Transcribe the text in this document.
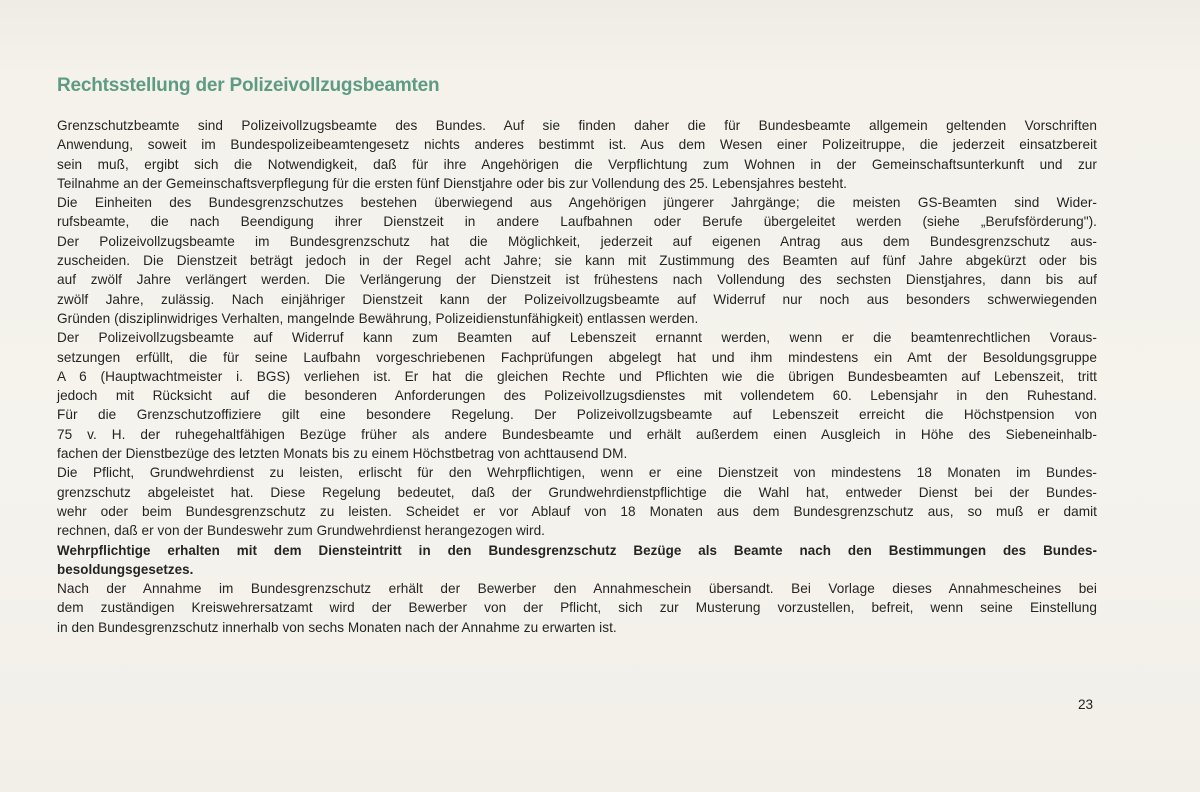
Rechtsstellung der Polizeivollzugsbeamten
Grenzschutzbeamte sind Polizeivollzugsbeamte des Bundes. Auf sie finden daher die für Bundesbeamte allgemein geltenden Vorschriften
Anwendung, soweit im Bundespolizeibeamtengesetz nichts anderes bestimmt ist. Aus dem Wesen einer Polizeitruppe, die jederzeit einsatzbereit
sein muß, ergibt sich die Notwendigkeit, daß für ihre Angehörigen die Verpflichtung zum Wohnen in der Gemeinschaftsunterkunft und zur
Teilnahme an der Gemeinschaftsverpflegung für die ersten fünf Dienstjahre oder bis zur Vollendung des 25. Lebensjahres besteht.
Die Einheiten des Bundesgrenzschutzes bestehen überwiegend aus Angehörigen jüngerer Jahrgänge; die meisten GS-Beamten sind Wider-
rufsbeamte, die nach Beendigung ihrer Dienstzeit in andere Laufbahnen oder Berufe übergeleitet werden (siehe „Berufsförderung").
Der Polizeivollzugsbeamte im Bundesgrenzschutz hat die Möglichkeit, jederzeit auf eigenen Antrag aus dem Bundesgrenzschutz aus-
zuscheiden. Die Dienstzeit beträgt jedoch in der Regel acht Jahre; sie kann mit Zustimmung des Beamten auf fünf Jahre abgekürzt oder bis
auf zwölf Jahre verlängert werden. Die Verlängerung der Dienstzeit ist frühestens nach Vollendung des sechsten Dienstjahres, dann bis auf
zwölf Jahre, zulässig. Nach einjähriger Dienstzeit kann der Polizeivollzugsbeamte auf Widerruf nur noch aus besonders schwerwiegenden
Gründen (disziplinwidriges Verhalten, mangelnde Bewährung, Polizeidienstunfähigkeit) entlassen werden.
Der Polizeivollzugsbeamte auf Widerruf kann zum Beamten auf Lebenszeit ernannt werden, wenn er die beamtenrechtlichen Voraus-
setzungen erfüllt, die für seine Laufbahn vorgeschriebenen Fachprüfungen abgelegt hat und ihm mindestens ein Amt der Besoldungsgruppe
A 6 (Hauptwachtmeister i. BGS) verliehen ist. Er hat die gleichen Rechte und Pflichten wie die übrigen Bundesbeamten auf Lebenszeit, tritt
jedoch mit Rücksicht auf die besonderen Anforderungen des Polizeivollzugsdienstes mit vollendetem 60. Lebensjahr in den Ruhestand.
Für die Grenzschutzoffiziere gilt eine besondere Regelung. Der Polizeivollzugsbeamte auf Lebenszeit erreicht die Höchstpension von
75 v. H. der ruhegehaltfähigen Bezüge früher als andere Bundesbeamte und erhält außerdem einen Ausgleich in Höhe des Siebeneinhalb-
fachen der Dienstbezüge des letzten Monats bis zu einem Höchstbetrag von achttausend DM.
Die Pflicht, Grundwehrdienst zu leisten, erlischt für den Wehrpflichtigen, wenn er eine Dienstzeit von mindestens 18 Monaten im Bundes-
grenzschutz abgeleistet hat. Diese Regelung bedeutet, daß der Grundwehrdienstpflichtige die Wahl hat, entweder Dienst bei der Bundes-
wehr oder beim Bundesgrenzschutz zu leisten. Scheidet er vor Ablauf von 18 Monaten aus dem Bundesgrenzschutz aus, so muß er damit
rechnen, daß er von der Bundeswehr zum Grundwehrdienst herangezogen wird.
Wehrpflichtige erhalten mit dem Diensteintritt in den Bundesgrenzschutz Bezüge als Beamte nach den Bestimmungen des Bundes-
besoldungsgesetzes.
Nach der Annahme im Bundesgrenzschutz erhält der Bewerber den Annahmeschein übersandt. Bei Vorlage dieses Annahmescheines bei
dem zuständigen Kreiswehrersatzamt wird der Bewerber von der Pflicht, sich zur Musterung vorzustellen, befreit, wenn seine Einstellung
in den Bundesgrenzschutz innerhalb von sechs Monaten nach der Annahme zu erwarten ist.
23
